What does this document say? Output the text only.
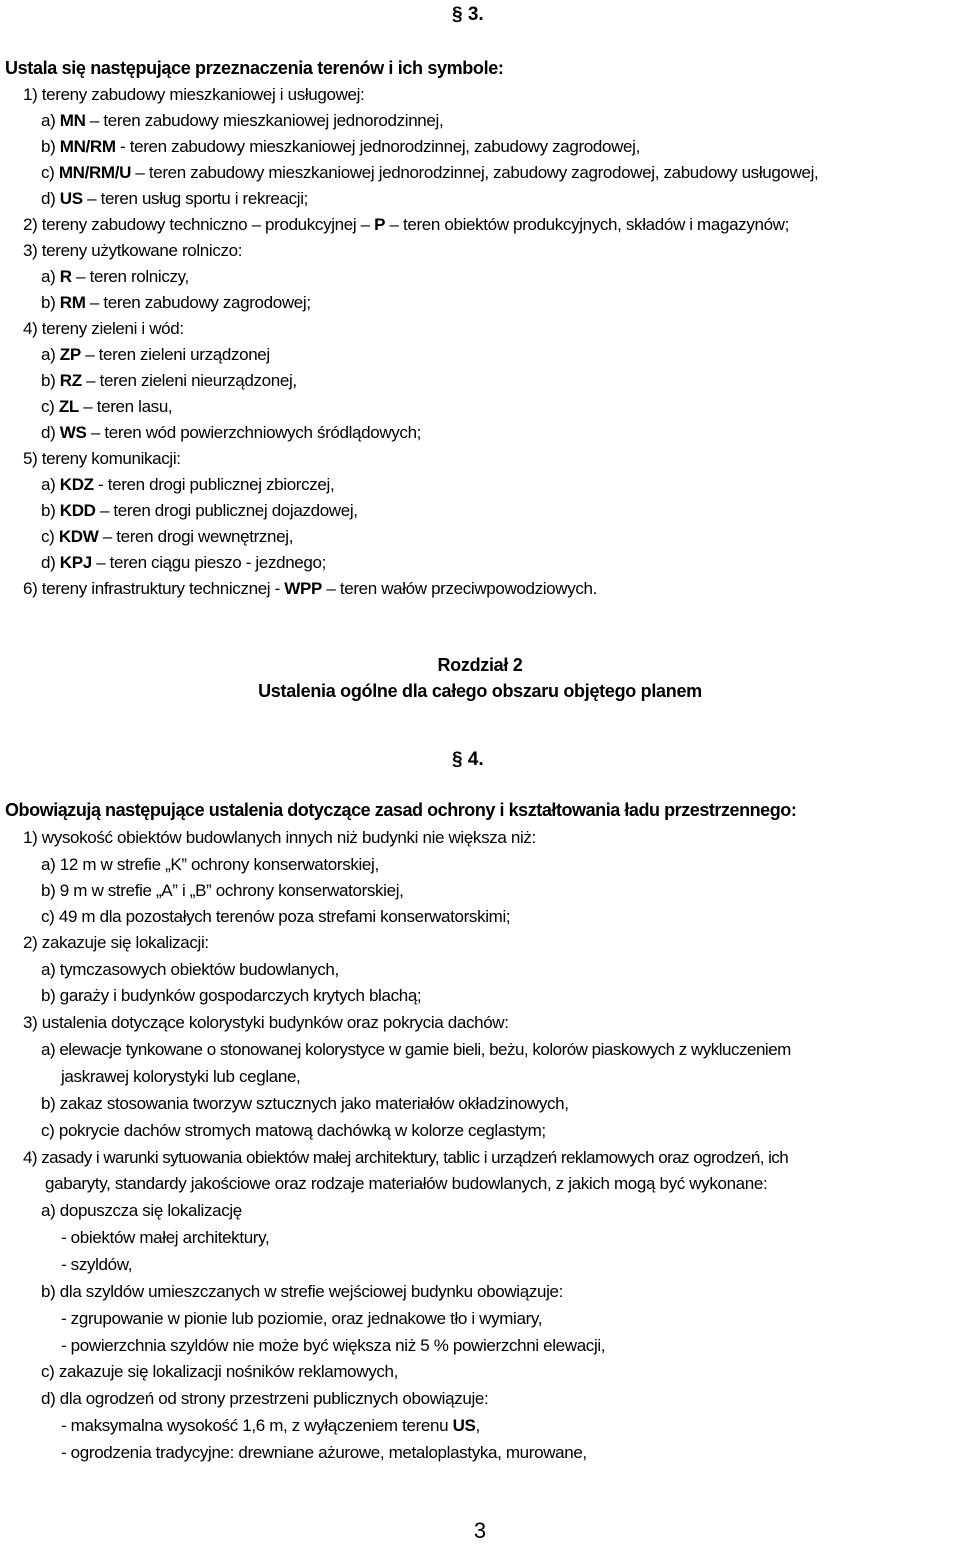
§ 3.
Ustala się następujące przeznaczenia terenów i ich symbole:
1) tereny zabudowy mieszkaniowej i usługowej:
a) MN – teren zabudowy mieszkaniowej jednorodzinnej,
b) MN/RM - teren zabudowy mieszkaniowej jednorodzinnej, zabudowy zagrodowej,
c) MN/RM/U – teren zabudowy mieszkaniowej jednorodzinnej, zabudowy zagrodowej, zabudowy usługowej,
d) US – teren usług sportu i rekreacji;
2) tereny zabudowy techniczno – produkcyjnej – P – teren obiektów produkcyjnych, składów i magazynów;
3) tereny użytkowane rolniczo:
a) R – teren rolniczy,
b) RM – teren zabudowy zagrodowej;
4) tereny zieleni i wód:
a) ZP – teren zieleni urządzonej
b) RZ – teren zieleni nieurządzonej,
c) ZL – teren lasu,
d) WS – teren wód powierzchniowych śródlądowych;
5) tereny komunikacji:
a) KDZ - teren drogi publicznej zbiorczej,
b) KDD – teren drogi publicznej dojazdowej,
c) KDW – teren drogi wewnętrznej,
d) KPJ – teren ciągu pieszo - jezdnego;
6) tereny infrastruktury technicznej - WPP – teren wałów przeciwpowodziowych.
Rozdział 2
Ustalenia ogólne dla całego obszaru objętego planem
§ 4.
Obowiązują następujące ustalenia dotyczące zasad ochrony i kształtowania ładu przestrzennego:
1) wysokość obiektów budowlanych innych niż budynki nie większa niż:
a) 12 m w strefie „K” ochrony konserwatorskiej,
b) 9 m w strefie „A” i „B” ochrony konserwatorskiej,
c) 49 m dla pozostałych terenów poza strefami konserwatorskimi;
2) zakazuje się lokalizacji:
a) tymczasowych obiektów budowlanych,
b) garaży i budynków gospodarczych krytych blachą;
3) ustalenia dotyczące kolorystyki budynków oraz pokrycia dachów:
a) elewacje tynkowane o stonowanej kolorystyce w gamie bieli, beżu, kolorów piaskowych z wykluczeniem
jaskrawej kolorystyki lub ceglane,
b) zakaz stosowania tworzyw sztucznych jako materiałów okładzinowych,
c) pokrycie dachów stromych matową dachówką w kolorze ceglastym;
4) zasady i warunki sytuowania obiektów małej architektury, tablic i urządzeń reklamowych oraz ogrodzeń, ich
gabaryty, standardy jakościowe oraz rodzaje materiałów budowlanych, z jakich mogą być wykonane:
a) dopuszcza się lokalizację
- obiektów małej architektury,
- szyldów,
b) dla szyldów umieszczanych w strefie wejściowej budynku obowiązuje:
- zgrupowanie w pionie lub poziomie, oraz jednakowe tło i wymiary,
- powierzchnia szyldów nie może być większa niż 5 % powierzchni elewacji,
c) zakazuje się lokalizacji nośników reklamowych,
d) dla ogrodzeń od strony przestrzeni publicznych obowiązuje:
- maksymalna wysokość 1,6 m, z wyłączeniem terenu US,
- ogrodzenia tradycyjne: drewniane ażurowe, metaloplastyka, murowane,
3
